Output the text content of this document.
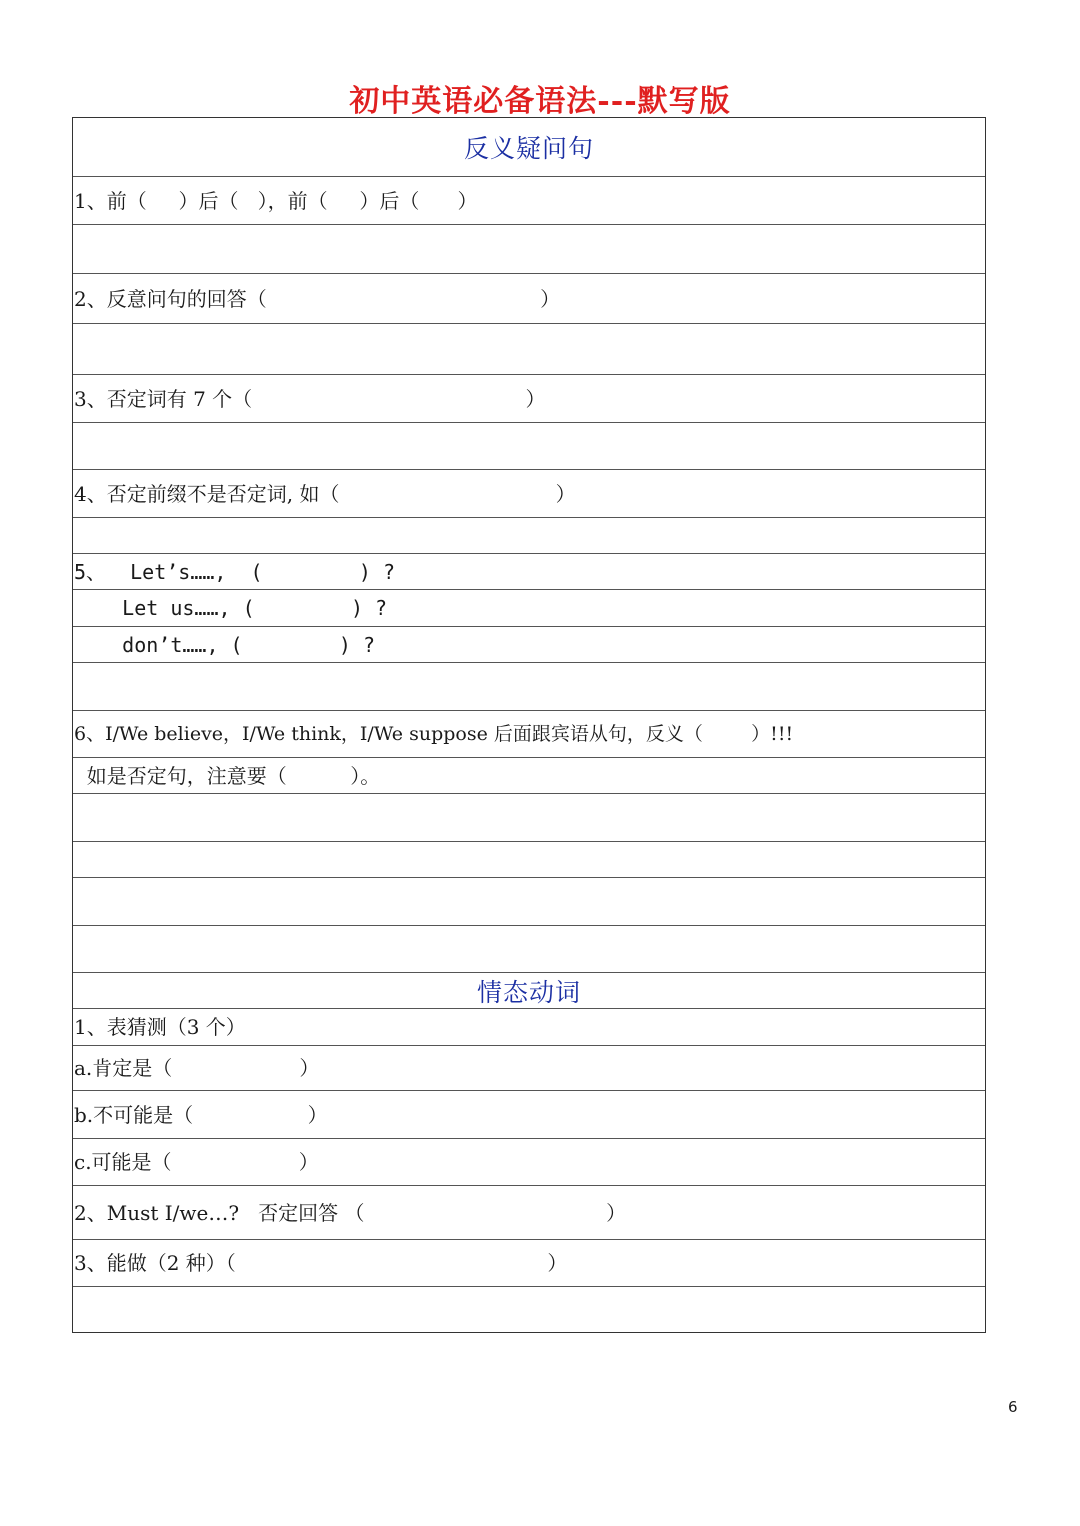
初中英语必备语法---默写版
反义疑问句
1、前（     ）后（   ），前（     ）后（      ）
2、反意问句的回答（                                           ）
3、否定词有 7 个（                                           ）
4、否定前缀不是否定词, 如（                                  ）
5、  Let’s……,  (        ) ?
Let us……, (        ) ?
don’t……, (        ) ?
6、I/We believe，I/We think，I/We suppose 后面跟宾语从句，反义（        ）!!!
如是否定句，注意要（          ）。
情态动词
1、表猜测（3 个）
a.肯定是（                    ）
b.不可能是（                  ）
c.可能是（                    ）
2、Must I/we…?   否定回答 （                                      ）
3、能做（2 种）（                                                 ）
6
